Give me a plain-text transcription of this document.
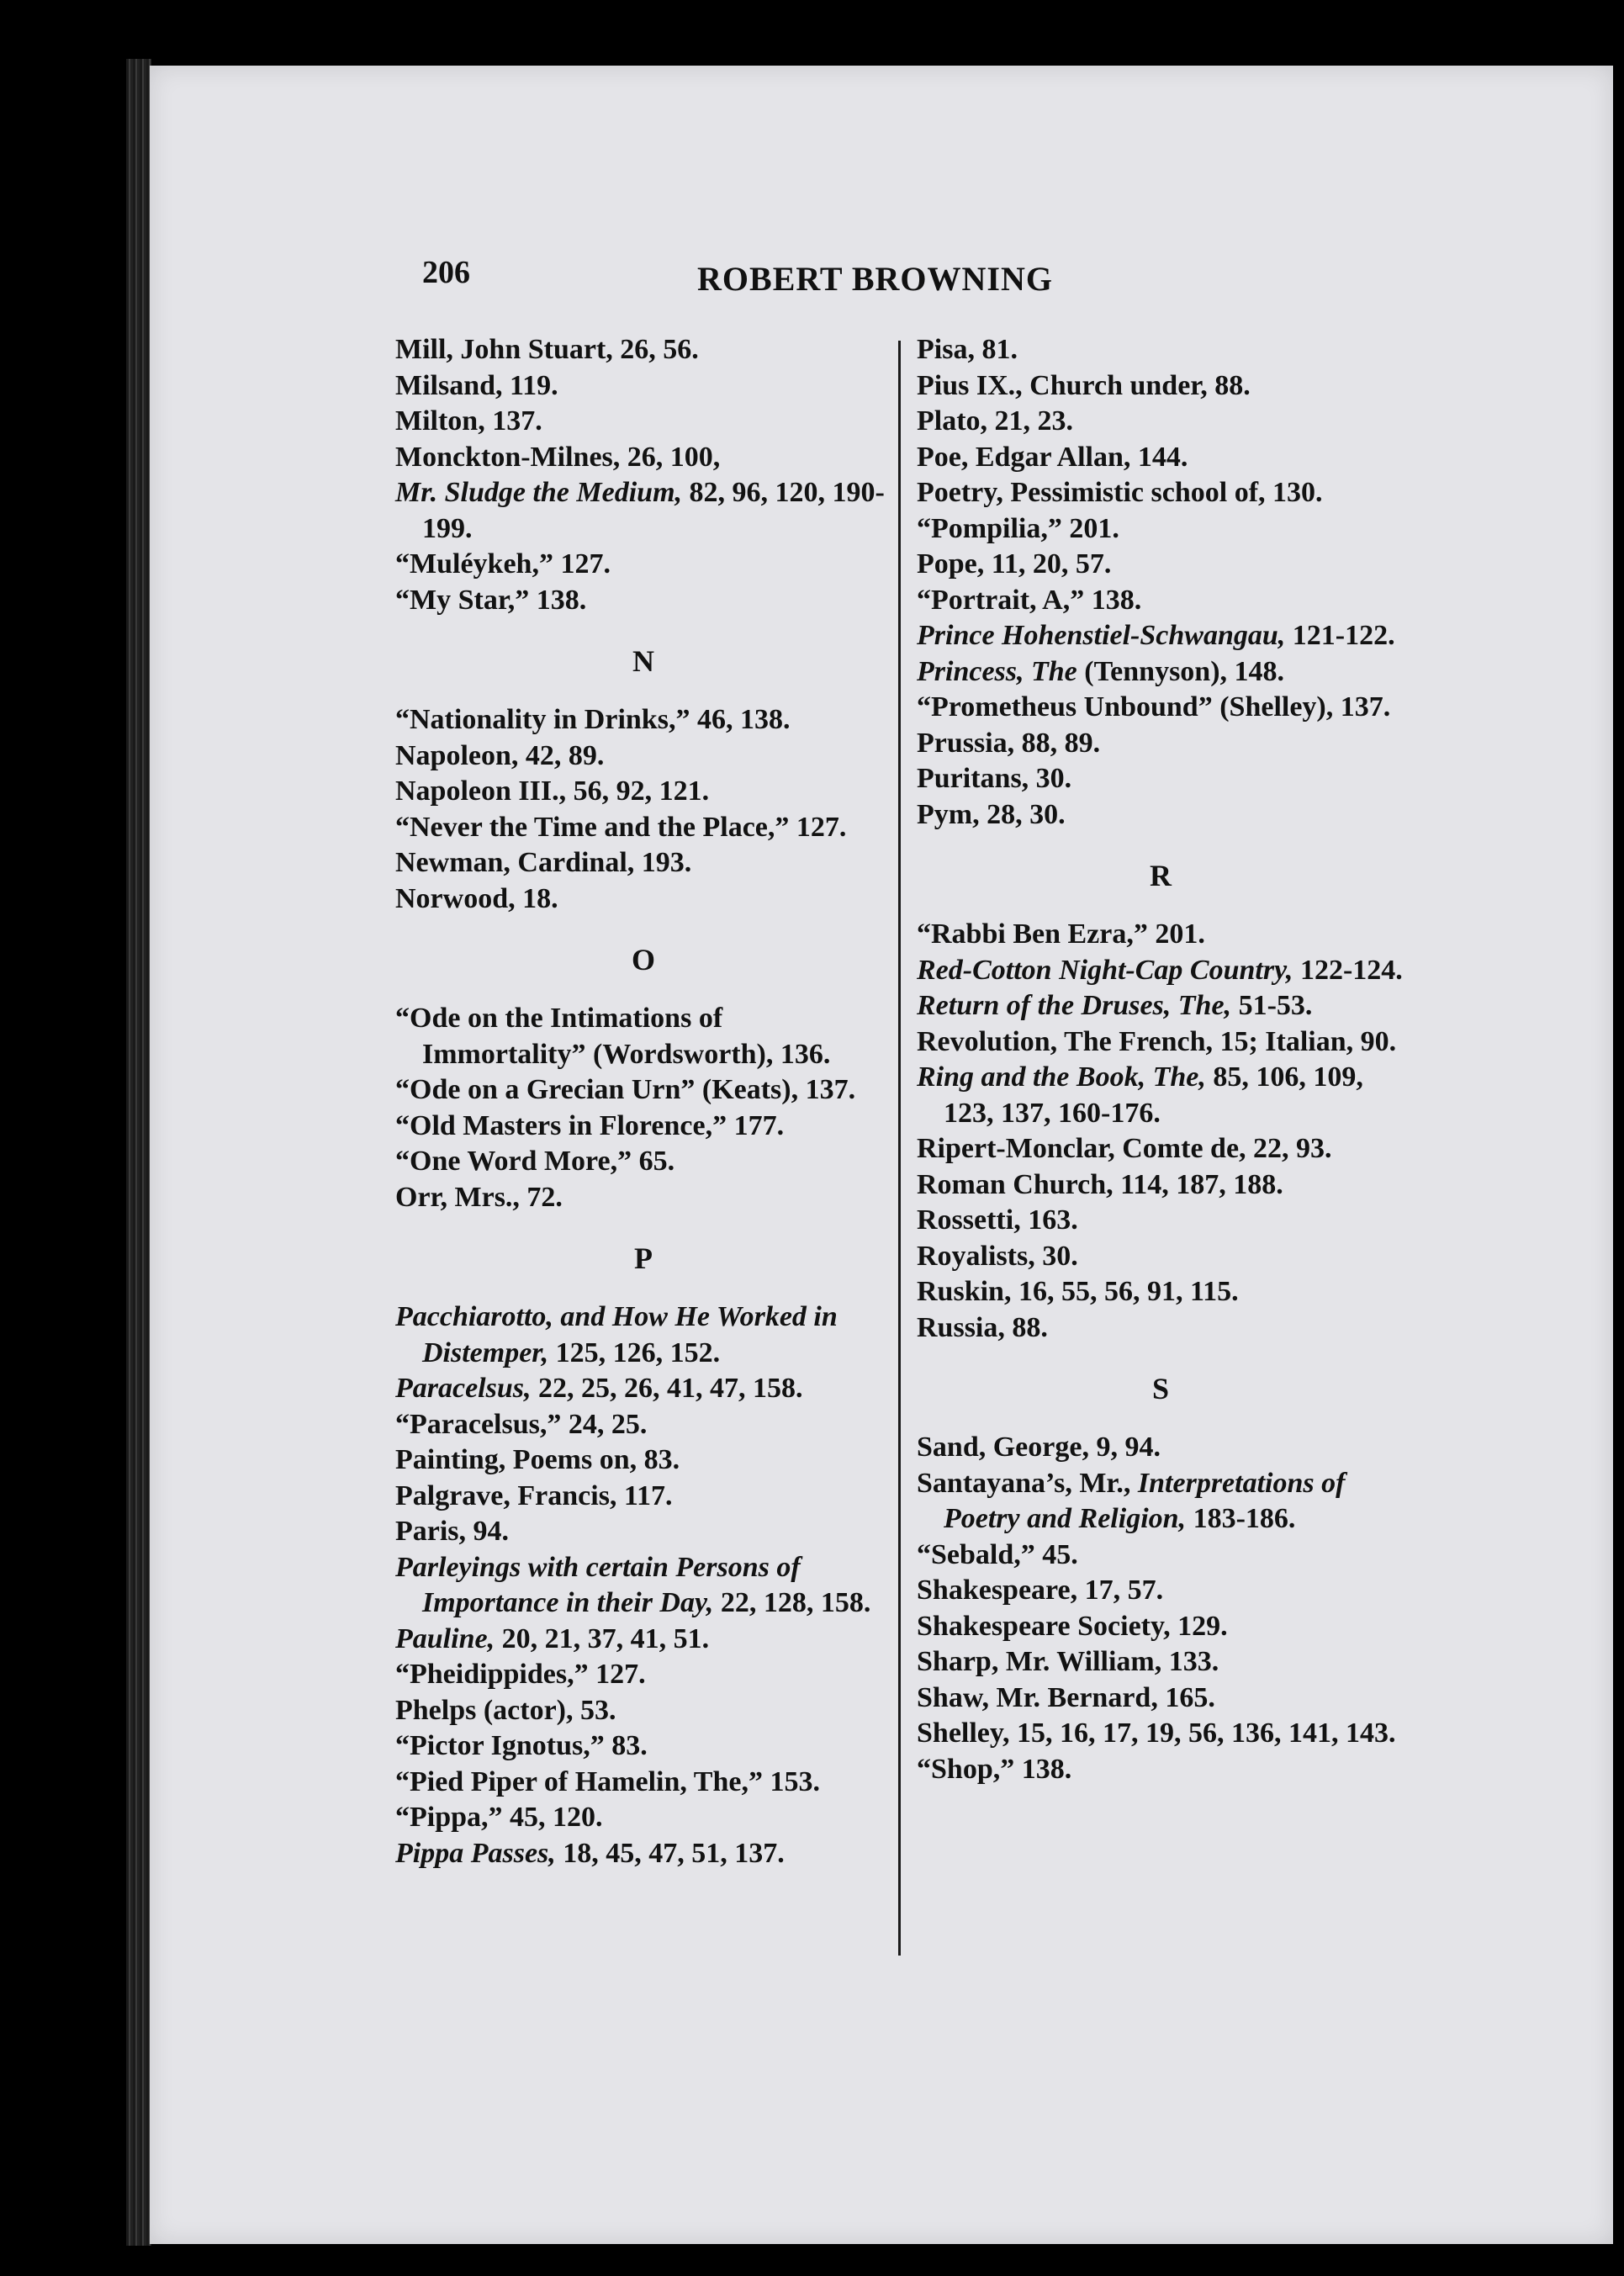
206	ROBERT BROWNING
Mill, John Stuart, 26, 56.
Milsand, 119.
Milton, 137.
Monckton-Milnes, 26, 100,
Mr. Sludge the Medium, 82, 96, 120, 190-199.
“Muléykeh,” 127.
“My Star,” 138.
N
“Nationality in Drinks,” 46, 138.
Napoleon, 42, 89.
Napoleon III., 56, 92, 121.
“Never the Time and the Place,” 127.
Newman, Cardinal, 193.
Norwood, 18.
O
“Ode on the Intimations of Immortality” (Wordsworth), 136.
“Ode on a Grecian Urn” (Keats), 137.
“Old Masters in Florence,” 177.
“One Word More,” 65.
Orr, Mrs., 72.
P
Pacchiarotto, and How He Worked in Distemper, 125, 126, 152.
Paracelsus, 22, 25, 26, 41, 47, 158.
“Paracelsus,” 24, 25.
Painting, Poems on, 83.
Palgrave, Francis, 117.
Paris, 94.
Parleyings with certain Persons of Importance in their Day, 22, 128, 158.
Pauline, 20, 21, 37, 41, 51.
“Pheidippides,” 127.
Phelps (actor), 53.
“Pictor Ignotus,” 83.
“Pied Piper of Hamelin, The,” 153.
“Pippa,” 45, 120.
Pippa Passes, 18, 45, 47, 51, 137.
Pisa, 81.
Pius IX., Church under, 88.
Plato, 21, 23.
Poe, Edgar Allan, 144.
Poetry, Pessimistic school of, 130.
“Pompilia,” 201.
Pope, 11, 20, 57.
“Portrait, A,” 138.
Prince Hohenstiel-Schwangau, 121-122.
Princess, The (Tennyson), 148.
“Prometheus Unbound” (Shelley), 137.
Prussia, 88, 89.
Puritans, 30.
Pym, 28, 30.
R
“Rabbi Ben Ezra,” 201.
Red-Cotton Night-Cap Country, 122-124.
Return of the Druses, The, 51-53.
Revolution, The French, 15; Italian, 90.
Ring and the Book, The, 85, 106, 109, 123, 137, 160-176.
Ripert-Monclar, Comte de, 22, 93.
Roman Church, 114, 187, 188.
Rossetti, 163.
Royalists, 30.
Ruskin, 16, 55, 56, 91, 115.
Russia, 88.
S
Sand, George, 9, 94.
Santayana’s, Mr., Interpretations of Poetry and Religion, 183-186.
“Sebald,” 45.
Shakespeare, 17, 57.
Shakespeare Society, 129.
Sharp, Mr. William, 133.
Shaw, Mr. Bernard, 165.
Shelley, 15, 16, 17, 19, 56, 136, 141, 143.
“Shop,” 138.
